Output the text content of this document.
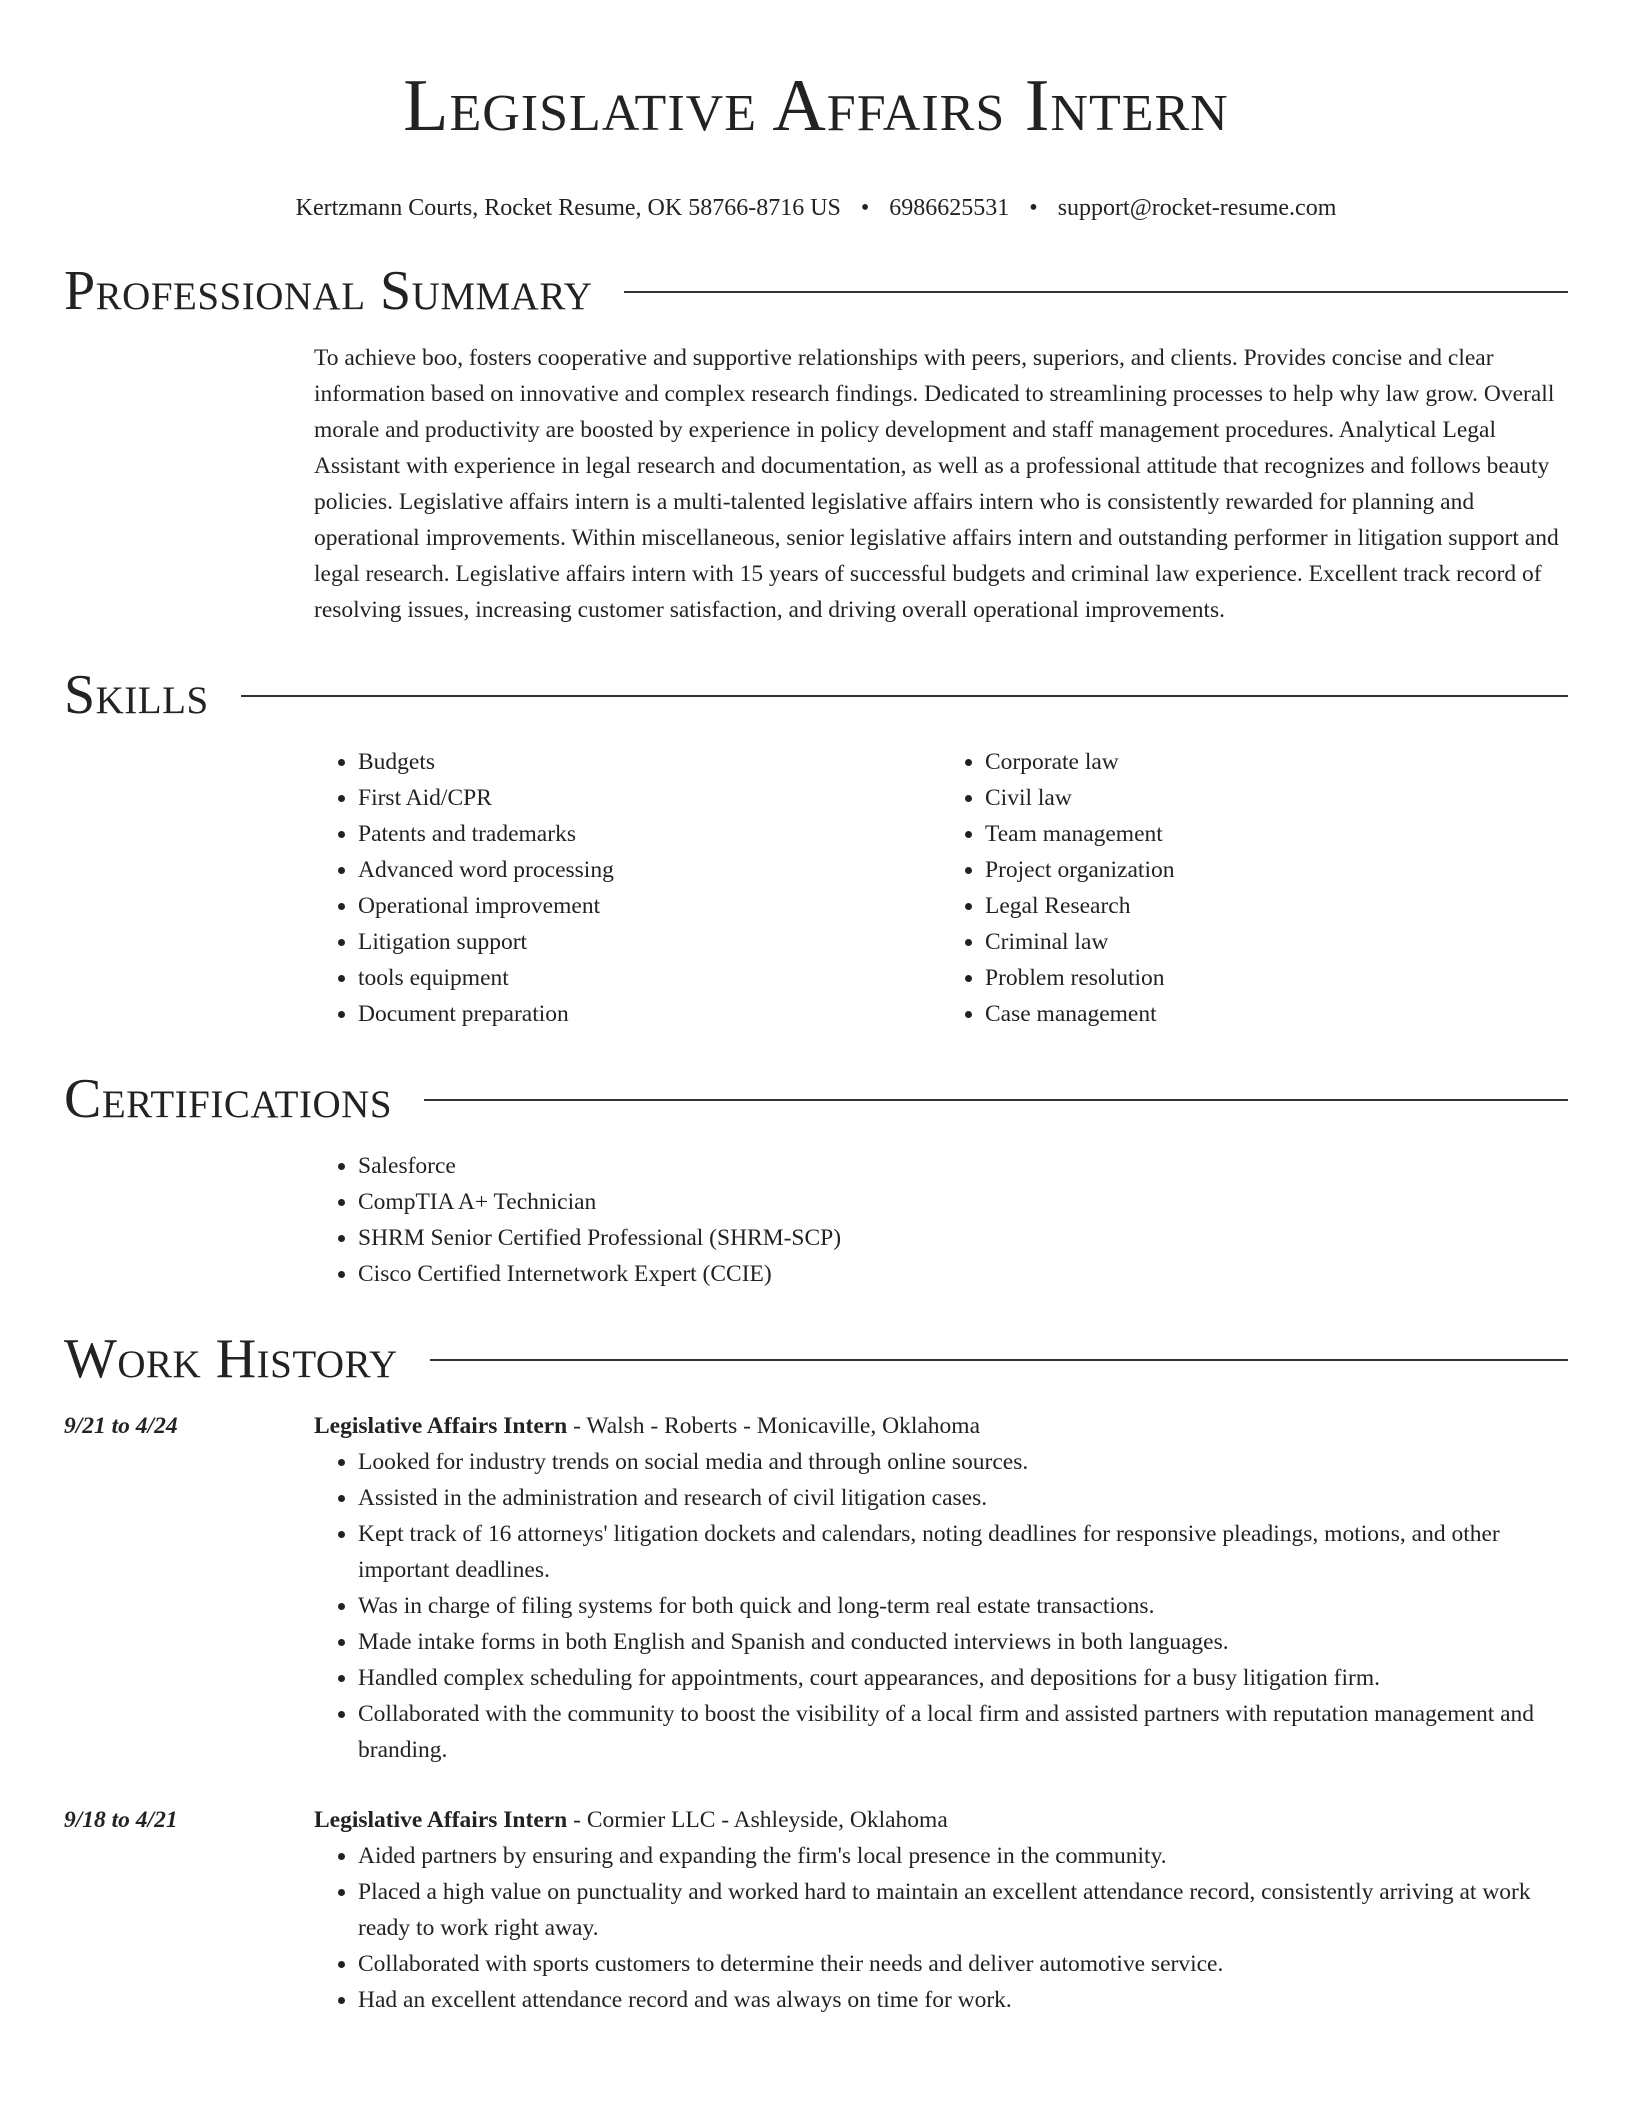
Legislative Affairs Intern
Kertzmann Courts, Rocket Resume, OK 58766-8716 US • 6986625531 • support@rocket-resume.com
Professional Summary

To achieve boo, fosters cooperative and supportive relationships with peers, superiors, and clients. Provides concise and clear information based on innovative and complex research findings. Dedicated to streamlining processes to help why law grow. Overall morale and productivity are boosted by experience in policy development and staff management procedures. Analytical Legal Assistant with experience in legal research and documentation, as well as a professional attitude that recognizes and follows beauty policies. Legislative affairs intern is a multi-talented legislative affairs intern who is consistently rewarded for planning and operational improvements. Within miscellaneous, senior legislative affairs intern and outstanding performer in litigation support and legal research. Legislative affairs intern with 15 years of successful budgets and criminal law experience. Excellent track record of resolving issues, increasing customer satisfaction, and driving overall operational improvements.

Skills
• Budgets
• First Aid/CPR
• Patents and trademarks
• Advanced word processing
• Operational improvement
• Litigation support
• tools equipment
• Document preparation
• Corporate law
• Civil law
• Team management
• Project organization
• Legal Research
• Criminal law
• Problem resolution
• Case management
Certifications
• Salesforce
• CompTIA A+ Technician
• SHRM Senior Certified Professional (SHRM-SCP)
• Cisco Certified Internetwork Expert (CCIE)
Work History
9/21 to 4/24	Legislative Affairs Intern - Walsh - Roberts - Monicaville, Oklahoma
• Looked for industry trends on social media and through online sources.
• Assisted in the administration and research of civil litigation cases.
• Kept track of 16 attorneys' litigation dockets and calendars, noting deadlines for responsive pleadings, motions, and other important deadlines.
• Was in charge of filing systems for both quick and long-term real estate transactions.
• Made intake forms in both English and Spanish and conducted interviews in both languages.
• Handled complex scheduling for appointments, court appearances, and depositions for a busy litigation firm.
• Collaborated with the community to boost the visibility of a local firm and assisted partners with reputation management and branding.
9/18 to 4/21	Legislative Affairs Intern - Cormier LLC - Ashleyside, Oklahoma
• Aided partners by ensuring and expanding the firm's local presence in the community.
• Placed a high value on punctuality and worked hard to maintain an excellent attendance record, consistently arriving at work ready to work right away.
• Collaborated with sports customers to determine their needs and deliver automotive service.
• Had an excellent attendance record and was always on time for work.
